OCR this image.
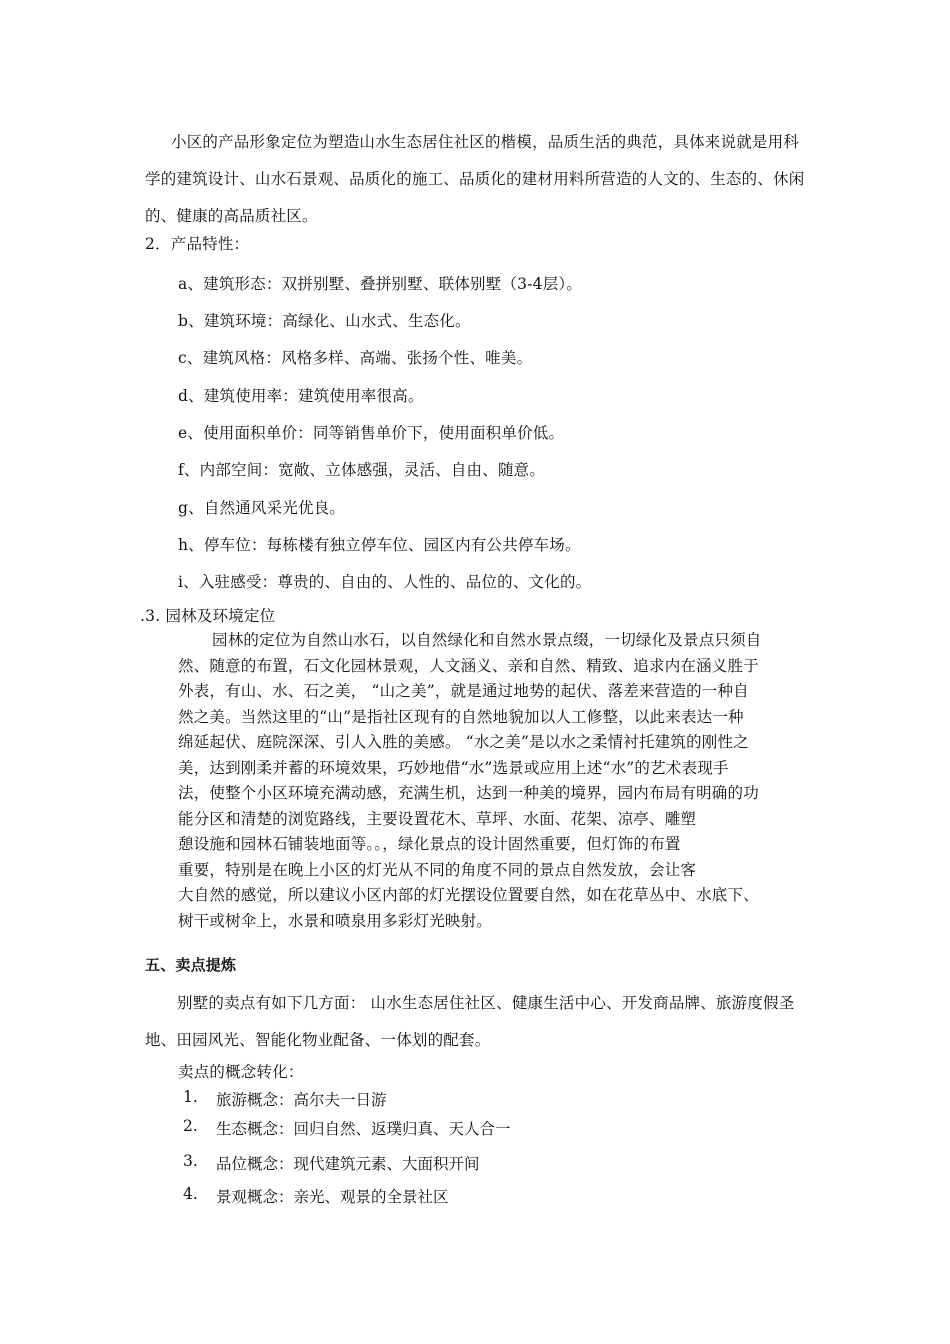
小区的产品形象定位为塑造山水生态居住社区的楷模，品质生活的典范，具体来说就是用科学的建筑设计、山水石景观、品质化的施工、品质化的建材用料所营造的人文的、生态的、休闲的、健康的高品质社区。
2．产品特性：
a、建筑形态：双拼别墅、叠拼别墅、联体别墅（3-4层）。
b、建筑环境：高绿化、山水式、生态化。
c、建筑风格：风格多样、高端、张扬个性、唯美。
d、建筑使用率：建筑使用率很高。
e、使用面积单价：同等销售单价下，使用面积单价低。
f、内部空间：宽敞、立体感强，灵活、自由、随意。
g、自然通风采光优良。
h、停车位：每栋楼有独立停车位、园区内有公共停车场。
i、入驻感受：尊贵的、自由的、人性的、品位的、文化的。
.3. 园林及环境定位
园林的定位为自然山水石，以自然绿化和自然水景点缀，一切绿化及景点只须自
然、随意的布置，石文化园林景观，人文涵义、亲和自然、精致、追求内在涵义胜于
外表，有山、水、石之美， “山之美”，就是通过地势的起伏、落差来营造的一种自
然之美。当然这里的“山”是指社区现有的自然地貌加以人工修整，以此来表达一种
绵延起伏、庭院深深、引人入胜的美感。 “水之美”是以水之柔情衬托建筑的刚性之
美，达到刚柔并蓄的环境效果，巧妙地借“水”选景或应用上述“水”的艺术表现手
法，使整个小区环境充满动感，充满生机，达到一种美的境界，园内布局有明确的功
能分区和清楚的浏览路线，主要设置花木、草坪、水面、花架、凉亭、雕塑
憩设施和园林石铺装地面等。。，绿化景点的设计固然重要，但灯饰的布置
重要，特别是在晚上小区的灯光从不同的角度不同的景点自然发放，会让客
大自然的感觉，所以建议小区内部的灯光摆设位置要自然，如在花草丛中、水底下、
树干或树伞上，水景和喷泉用多彩灯光映射。
五、卖点提炼
别墅的卖点有如下几方面： 山水生态居住社区、健康生活中心、开发商品牌、旅游度假圣地、田园风光、智能化物业配备、一体划的配套。
卖点的概念转化：
1. 旅游概念：高尔夫一日游
2. 生态概念：回归自然、返璞归真、天人合一
3. 品位概念：现代建筑元素、大面积开间
4. 景观概念：亲光、观景的全景社区
